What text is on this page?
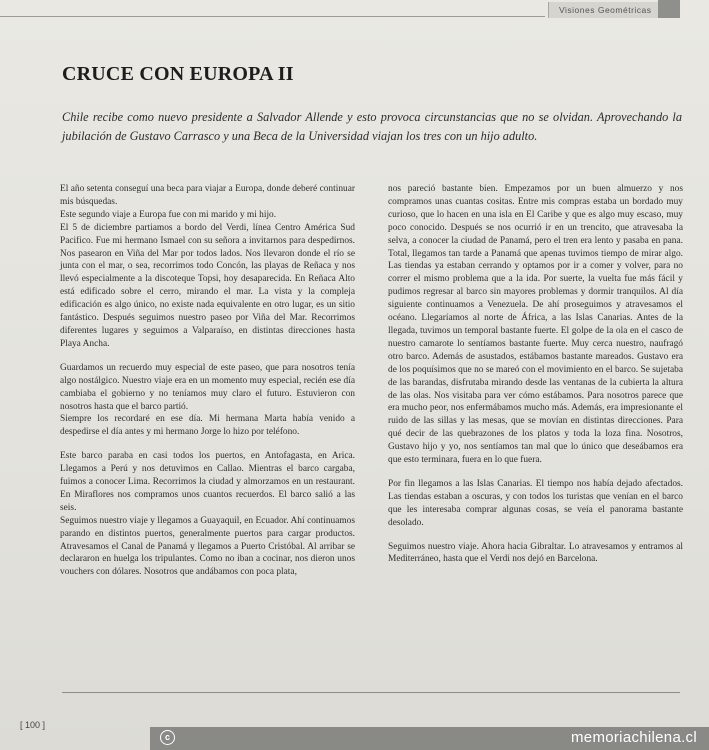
Visiones Geométricas
CRUCE CON EUROPA II
Chile recibe como nuevo presidente a Salvador Allende y esto provoca circunstancias que no se olvidan. Aprovechando la jubilación de Gustavo Carrasco y una Beca de la Universidad viajan los tres con un hijo adulto.

El año setenta conseguí una beca para viajar a Europa, donde deberé continuar mis búsquedas.

Este segundo viaje a Europa fue con mi marido y mi hijo.

El 5 de diciembre partiamos a bordo del Verdi, línea Centro América Sud Pacifico. Fue mi hermano Ismael con su señora a invitarnos para despedirnos. Nos pasearon en Viña del Mar por todos lados. Nos llevaron donde el río se junta con el mar, o sea, recorrimos todo Concón, las playas de Reñaca y nos llevó especialmente a la discoteque Topsi, hoy desaparecida. En Reñaca Alto está edificado sobre el cerro, mirando el mar. La vista y la compleja edificación es algo único, no existe nada equivalente en otro lugar, es un sitio fantástico. Después seguimos nuestro paseo por Viña del Mar. Recorrimos diferentes lugares y seguimos a Valparaíso, en distintas direcciones hasta Playa Ancha.

Guardamos un recuerdo muy especial de este paseo, que para nosotros tenía algo nostálgico. Nuestro viaje era en un momento muy especial, recién ese día cambiaba el gobierno y no teníamos muy claro el futuro. Estuvieron con nosotros hasta que el barco partió.

Siempre los recordaré en ese día. Mi hermana Marta había venido a despedirse el día antes y mi hermano Jorge lo hizo por teléfono.

Este barco paraba en casi todos los puertos, en Antofagasta, en Arica. Llegamos a Perú y nos detuvimos en Callao. Mientras el barco cargaba, fuimos a conocer Lima. Recorrimos la ciudad y almorzamos en un restaurant. En Miraflores nos compramos unos cuantos recuerdos. El barco salió a las seis.

Seguimos nuestro viaje y llegamos a Guayaquil, en Ecuador. Ahí continuamos parando en distintos puertos, generalmente puertos para cargar productos. Atravesamos el Canal de Panamá y llegamos a Puerto Cristóbal. Al arribar se declararon en huelga los tripulantes. Como no iban a cocinar, nos dieron unos vouchers con dólares. Nosotros que andábamos con poca plata,

nos pareció bastante bien. Empezamos por un buen almuerzo y nos compramos unas cuantas cositas. Entre mis compras estaba un bordado muy curioso, que lo hacen en una isla en El Caribe y que es algo muy escaso, muy poco conocido. Después se nos ocurrió ir en un trencito, que atravesaba la selva, a conocer la ciudad de Panamá, pero el tren era lento y pasaba en pana. Total, llegamos tan tarde a Panamá que apenas tuvimos tiempo de mirar algo. Las tiendas ya estaban cerrando y optamos por ir a comer y volver, para no correr el mismo problema que a la ida. Por suerte, la vuelta fue más fácil y pudimos regresar al barco sin mayores problemas y dormir tranquilos. Al día siguiente continuamos a Venezuela. De ahí proseguimos y atravesamos el océano. Llegaríamos al norte de África, a las Islas Canarias. Antes de la llegada, tuvimos un temporal bastante fuerte. El golpe de la ola en el casco de nuestro camarote lo sentíamos bastante fuerte. Muy cerca nuestro, naufragó otro barco. Además de asustados, estábamos bastante mareados. Gustavo era de los poquísimos que no se mareó con el movimiento en el barco. Se sujetaba de las barandas, disfrutaba mirando desde las ventanas de la cubierta la altura de las olas. Nos visitaba para ver cómo estábamos. Para nosotros parece que era mucho peor, nos enfermábamos mucho más. Además, era impresionante el ruido de las sillas y las mesas, que se movían en distintas direcciones. Para qué decir de las quebrazones de los platos y toda la loza fina. Nosotros, Gustavo hijo y yo, nos sentíamos tan mal que lo único que deseábamos era que esto terminara, fuera en lo que fuera.

Por fin llegamos a las Islas Canarias. El tiempo nos había dejado afectados. Las tiendas estaban a oscuras, y con todos los turistas que venían en el barco que les interesaba comprar algunas cosas, se veía el panorama bastante desolado.

Seguimos nuestro viaje. Ahora hacia Gibraltar. Lo atravesamos y entramos al Mediterráneo, hasta que el Verdi nos dejó en Barcelona.

[ 100 ]
c	memoriachilena.cl
